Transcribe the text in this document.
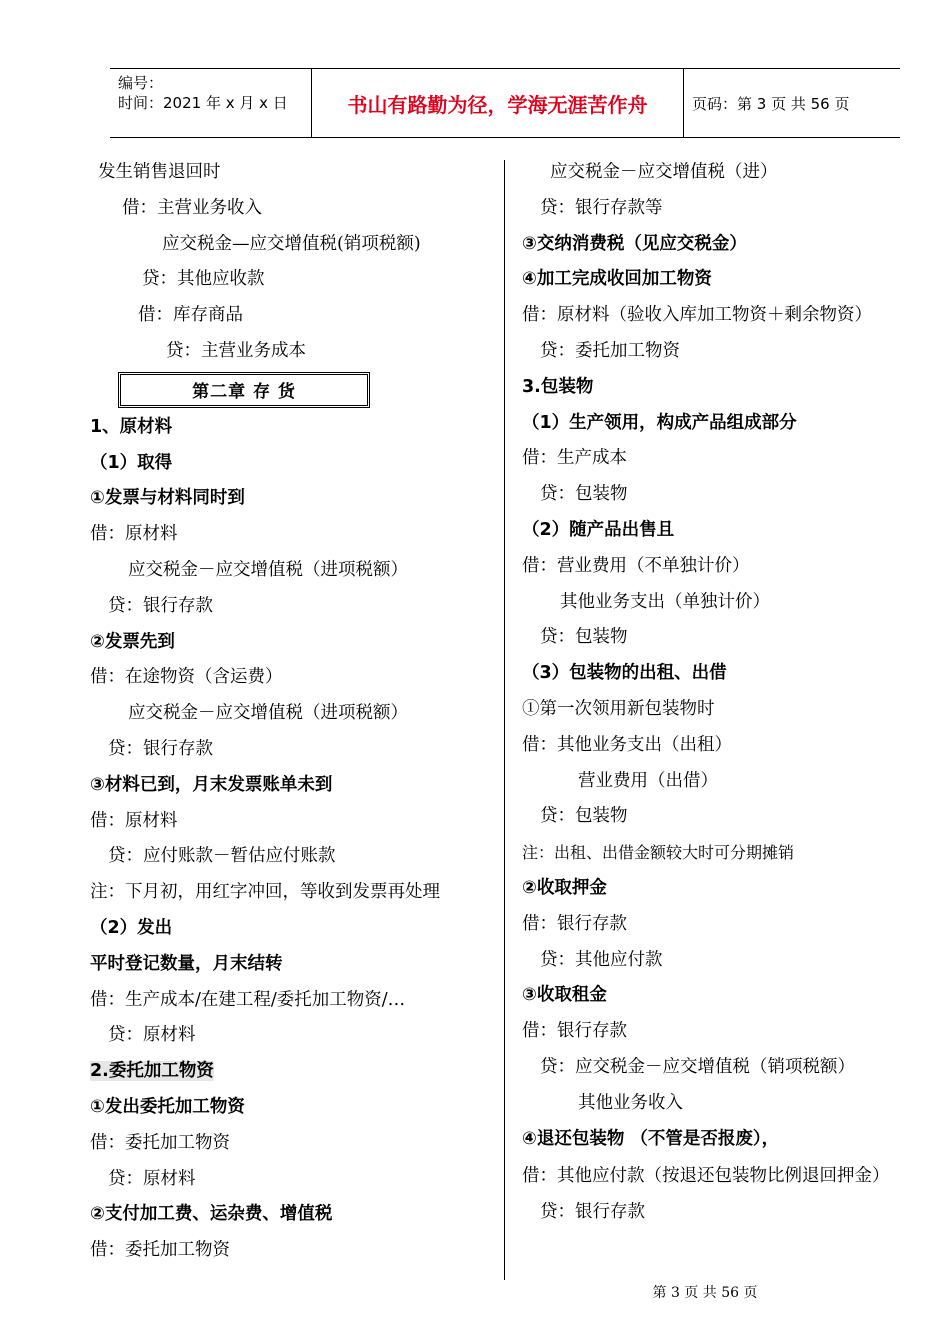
编号：
时间：2021 年 x 月 x 日	书山有路勤为径，学海无涯苦作舟	页码：第 3 页 共 56 页
发生销售退回时
借：主营业务收入
应交税金—应交增值税(销项税额)
贷：其他应收款
借：库存商品
贷：主营业务成本
第二章 存 货
1、原材料
（1）取得
①发票与材料同时到
借：原材料
应交税金－应交增值税（进项税额）
贷：银行存款
②发票先到
借：在途物资（含运费）
应交税金－应交增值税（进项税额）
贷：银行存款
③材料已到，月末发票账单未到
借：原材料
贷：应付账款－暂估应付账款
注：下月初，用红字冲回，等收到发票再处理
（2）发出
平时登记数量，月末结转
借：生产成本/在建工程/委托加工物资/…
贷：原材料
2.委托加工物资
①发出委托加工物资
借：委托加工物资
贷：原材料
②支付加工费、运杂费、增值税
借：委托加工物资
应交税金－应交增值税（进）
贷：银行存款等
③交纳消费税（见应交税金）
④加工完成收回加工物资
借：原材料（验收入库加工物资＋剩余物资）
贷：委托加工物资
3.包装物
（1）生产领用，构成产品组成部分
借：生产成本
贷：包装物
（2）随产品出售且
借：营业费用（不单独计价）
其他业务支出（单独计价）
贷：包装物
（3）包装物的出租、出借
①第一次领用新包装物时
借：其他业务支出（出租）
营业费用（出借）
贷：包装物
注：出租、出借金额较大时可分期摊销
②收取押金
借：银行存款
贷：其他应付款
③收取租金
借：银行存款
贷：应交税金－应交增值税（销项税额）
其他业务收入
④退还包装物 （不管是否报废），
借：其他应付款（按退还包装物比例退回押金）
贷：银行存款
第 3 页 共 56 页
